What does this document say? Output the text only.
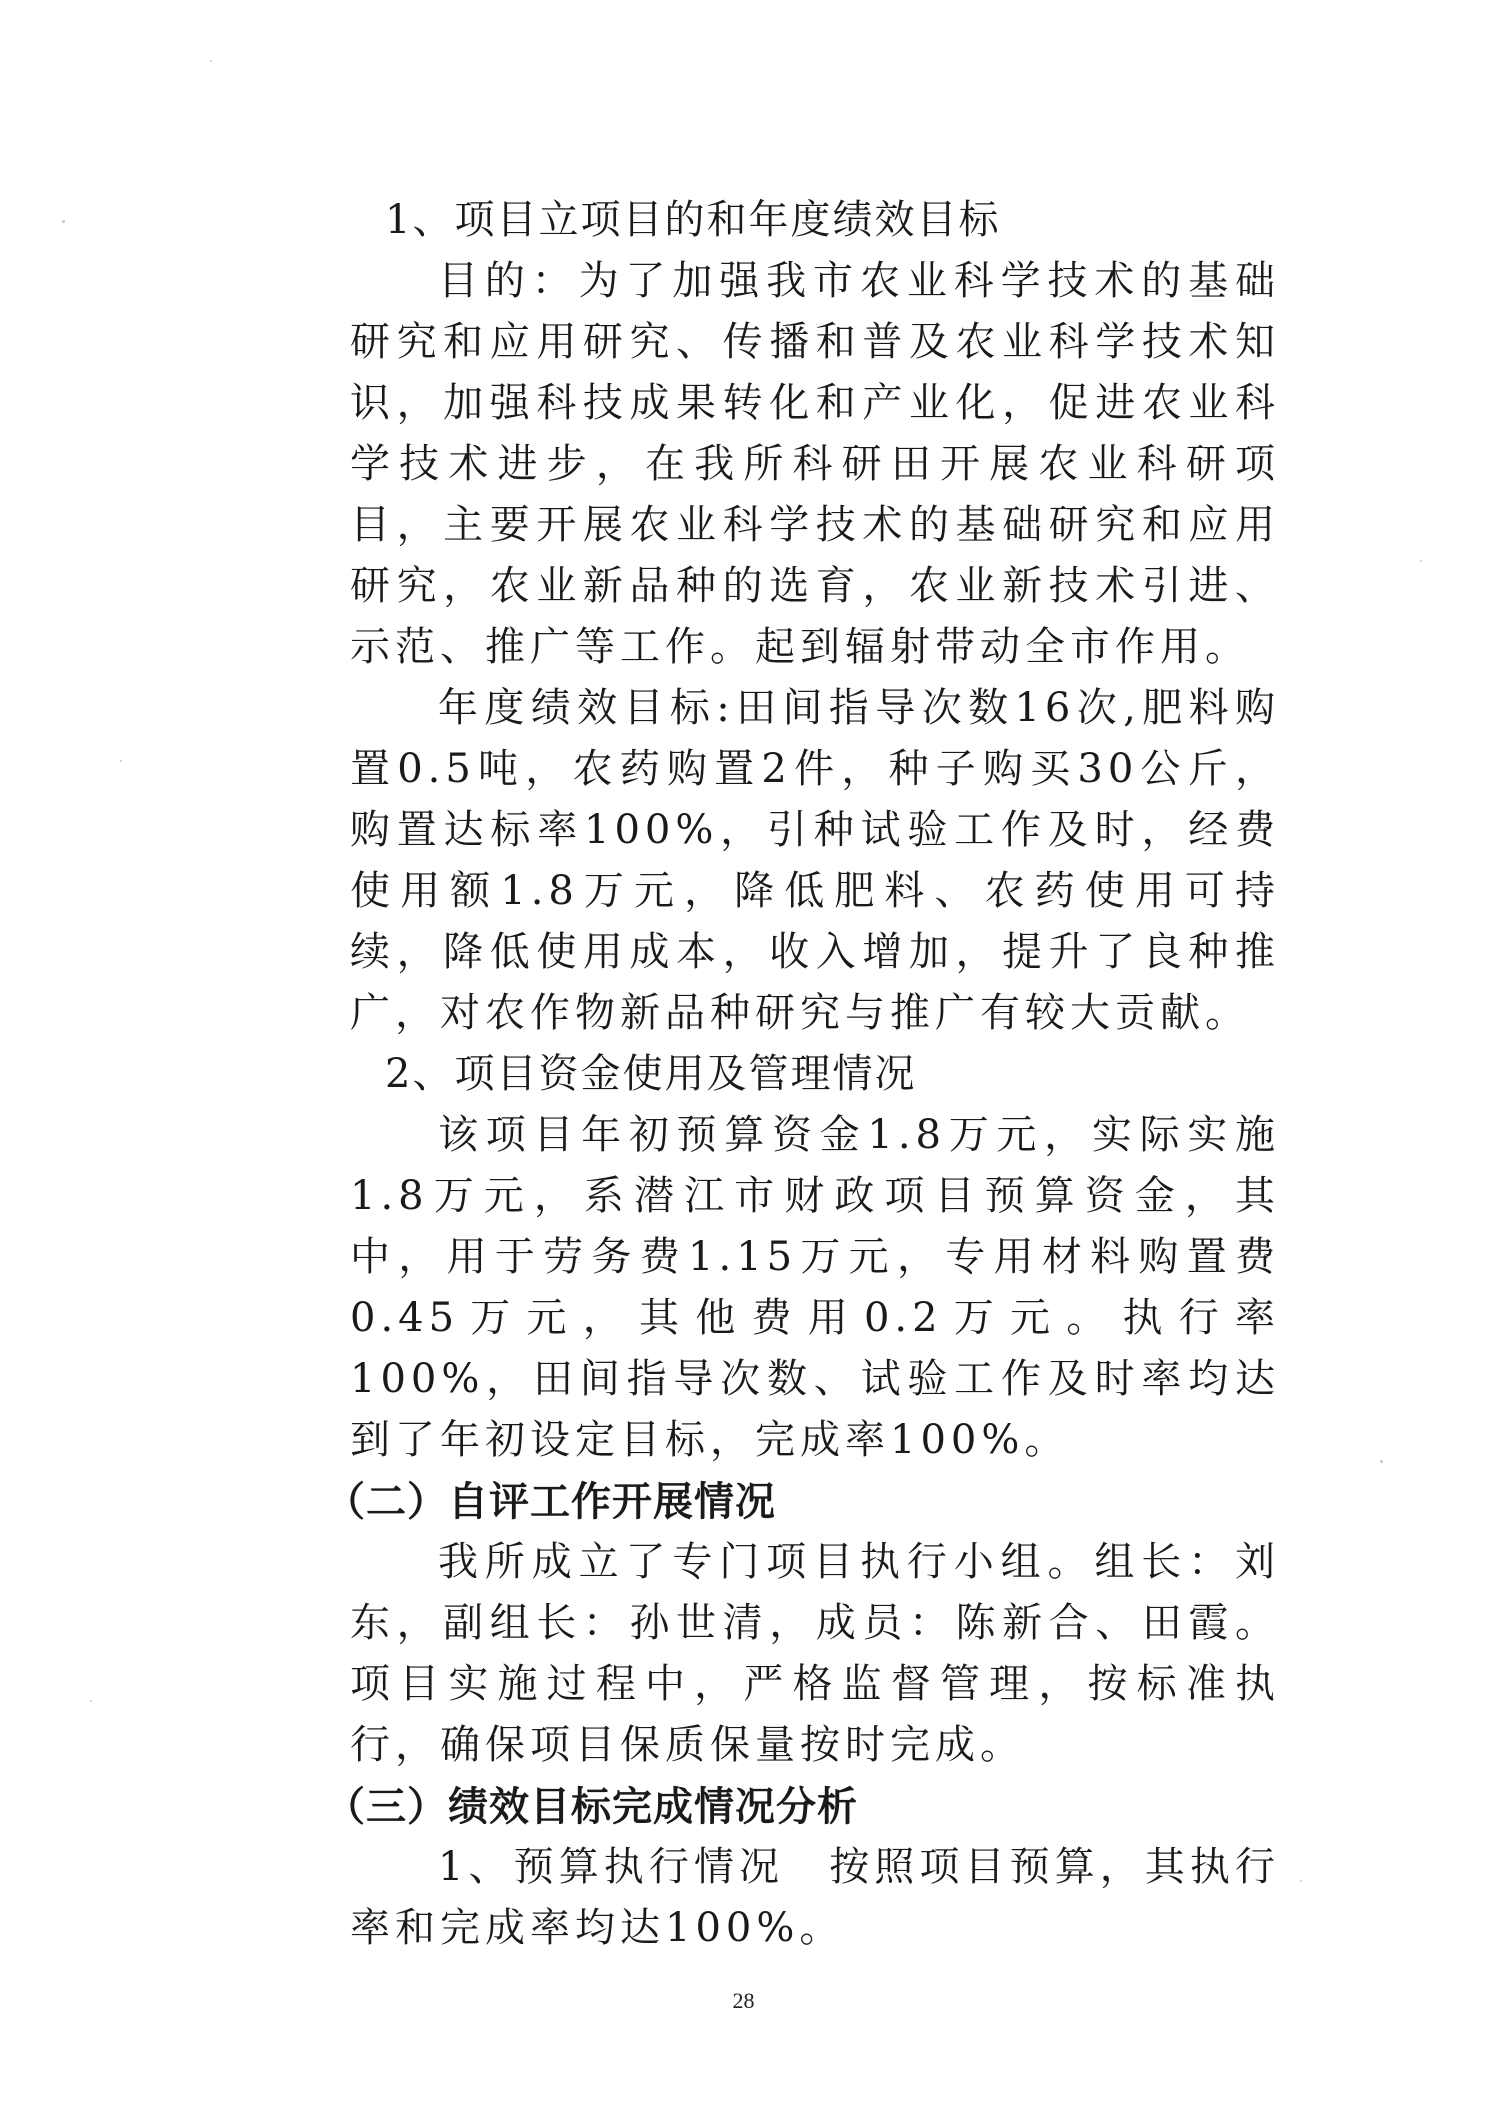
1、项目立项目的和年度绩效目标

目的：为了加强我市农业科学技术的基础研究和应用研究、传播和普及农业科学技术知识，加强科技成果转化和产业化，促进农业科学技术进步，在我所科研田开展农业科研项目，主要开展农业科学技术的基础研究和应用研究，农业新品种的选育，农业新技术引进、示范、推广等工作。起到辐射带动全市作用。

年度绩效目标:田间指导次数16次,肥料购置0.5吨，农药购置2件，种子购买30公斤，购置达标率100%，引种试验工作及时，经费使用额1.8万元，降低肥料、农药使用可持续，降低使用成本，收入增加，提升了良种推广，对农作物新品种研究与推广有较大贡献。

2、项目资金使用及管理情况

该项目年初预算资金1.8万元，实际实施1.8万元，系潜江市财政项目预算资金，其中，用于劳务费1.15万元，专用材料购置费0.45万元，其他费用0.2万元。执行率100%，田间指导次数、试验工作及时率均达到了年初设定目标，完成率100%。

（二）自评工作开展情况

我所成立了专门项目执行小组。组长：刘东，副组长：孙世清，成员：陈新合、田霞。项目实施过程中，严格监督管理，按标准执行，确保项目保质保量按时完成。

（三）绩效目标完成情况分析

1、预算执行情况　按照项目预算，其执行率和完成率均达100%。

28
